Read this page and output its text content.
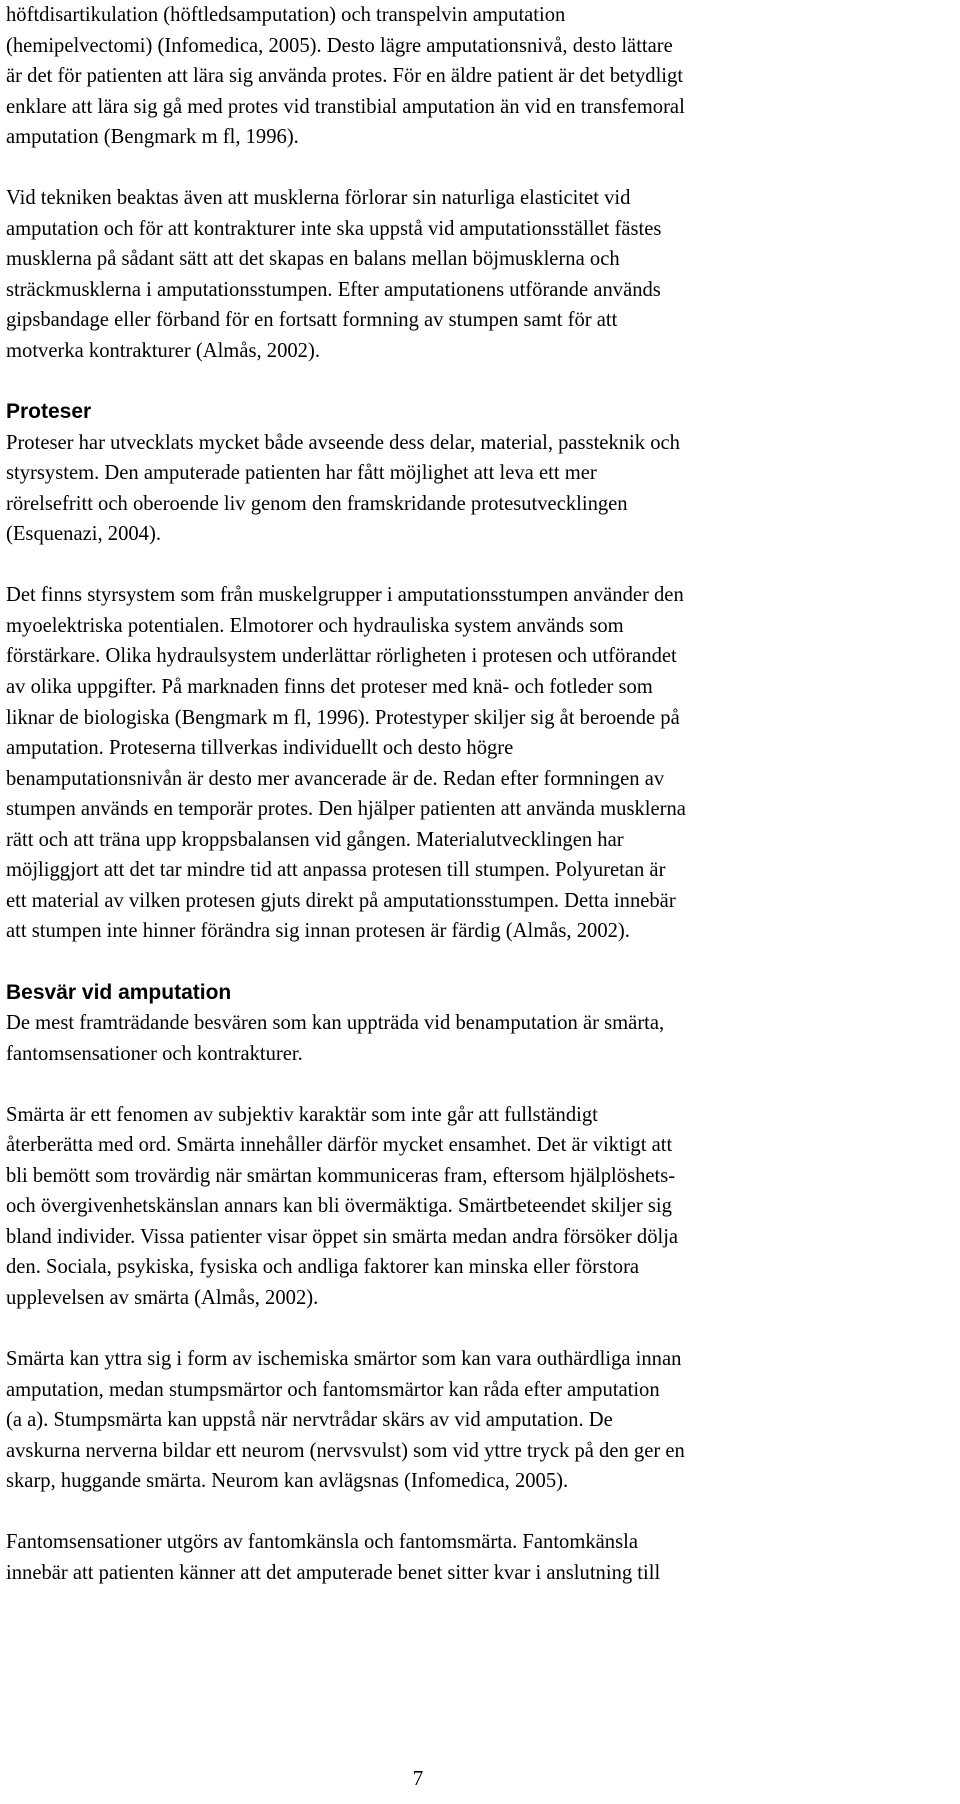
höftdisartikulation (höftledsamputation) och transpelvin amputation
(hemipelvectomi) (Infomedica, 2005). Desto lägre amputationsnivå, desto lättare
är det för patienten att lära sig använda protes. För en äldre patient är det betydligt
enklare att lära sig gå med protes vid transtibial amputation än vid en transfemoral
amputation (Bengmark m fl, 1996).
Vid tekniken beaktas även att musklerna förlorar sin naturliga elasticitet vid
amputation och för att kontrakturer inte ska uppstå vid amputationsstället fästes
musklerna på sådant sätt att det skapas en balans mellan böjmusklerna och
sträckmusklerna i amputationsstumpen. Efter amputationens utförande används
gipsbandage eller förband för en fortsatt formning av stumpen samt för att
motverka kontrakturer (Almås, 2002).
Proteser
Proteser har utvecklats mycket både avseende dess delar, material, passteknik och
styrsystem. Den amputerade patienten har fått möjlighet att leva ett mer
rörelsefritt och oberoende liv genom den framskridande protesutvecklingen
(Esquenazi, 2004).
Det finns styrsystem som från muskelgrupper i amputationsstumpen använder den
myoelektriska potentialen. Elmotorer och hydrauliska system används som
förstärkare. Olika hydraulsystem underlättar rörligheten i protesen och utförandet
av olika uppgifter. På marknaden finns det proteser med knä- och fotleder som
liknar de biologiska (Bengmark m fl, 1996). Protestyper skiljer sig åt beroende på
amputation. Proteserna tillverkas individuellt och desto högre
benamputationsnivån är desto mer avancerade är de. Redan efter formningen av
stumpen används en temporär protes. Den hjälper patienten att använda musklerna
rätt och att träna upp kroppsbalansen vid gången. Materialutvecklingen har
möjliggjort att det tar mindre tid att anpassa protesen till stumpen. Polyuretan är
ett material av vilken protesen gjuts direkt på amputationsstumpen. Detta innebär
att stumpen inte hinner förändra sig innan protesen är färdig (Almås, 2002).
Besvär vid amputation
De mest framträdande besvären som kan uppträda vid benamputation är smärta,
fantomsensationer och kontrakturer.
Smärta är ett fenomen av subjektiv karaktär som inte går att fullständigt
återberätta med ord. Smärta innehåller därför mycket ensamhet. Det är viktigt att
bli bemött som trovärdig när smärtan kommuniceras fram, eftersom hjälplöshets-
och övergivenhetskänslan annars kan bli övermäktiga. Smärtbeteendet skiljer sig
bland individer. Vissa patienter visar öppet sin smärta medan andra försöker dölja
den. Sociala, psykiska, fysiska och andliga faktorer kan minska eller förstora
upplevelsen av smärta (Almås, 2002).
Smärta kan yttra sig i form av ischemiska smärtor som kan vara outhärdliga innan
amputation, medan stumpsmärtor och fantomsmärtor kan råda efter amputation
(a a). Stumpsmärta kan uppstå när nervtrådar skärs av vid amputation. De
avskurna nerverna bildar ett neurom (nervsvulst) som vid yttre tryck på den ger en
skarp, huggande smärta. Neurom kan avlägsnas (Infomedica, 2005).
Fantomsensationer utgörs av fantomkänsla och fantomsmärta. Fantomkänsla
innebär att patienten känner att det amputerade benet sitter kvar i anslutning till
7
